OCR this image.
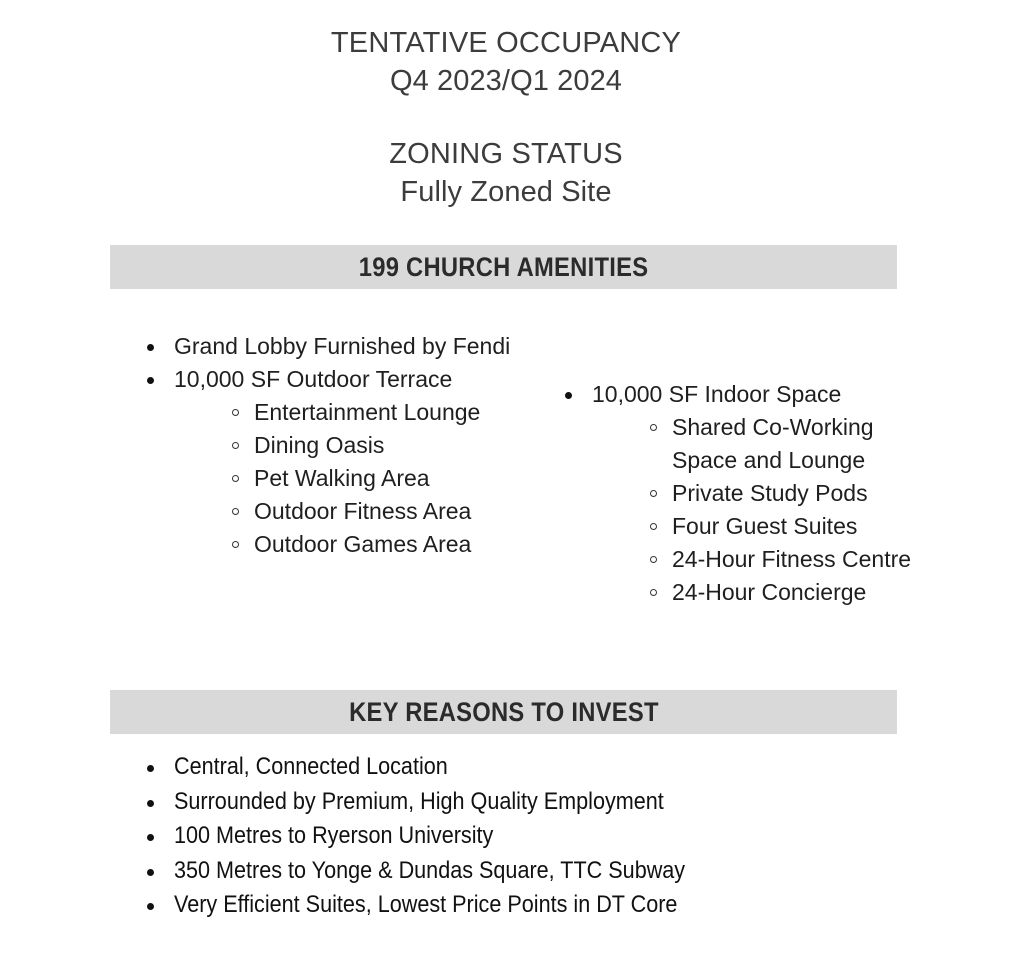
TENTATIVE OCCUPANCY
Q4 2023/Q1 2024
ZONING STATUS
Fully Zoned Site
199 CHURCH AMENITIES
Grand Lobby Furnished by Fendi
10,000 SF Outdoor Terrace
Entertainment Lounge
Dining Oasis
Pet Walking Area
Outdoor Fitness Area
Outdoor Games Area
10,000 SF Indoor Space
Shared Co-Working Space and Lounge
Private Study Pods
Four Guest Suites
24-Hour Fitness Centre
24-Hour Concierge
KEY REASONS TO INVEST
Central, Connected Location
Surrounded by Premium, High Quality Employment
100 Metres to Ryerson University
350 Metres to Yonge & Dundas Square, TTC Subway
Very Efficient Suites, Lowest Price Points in DT Core
